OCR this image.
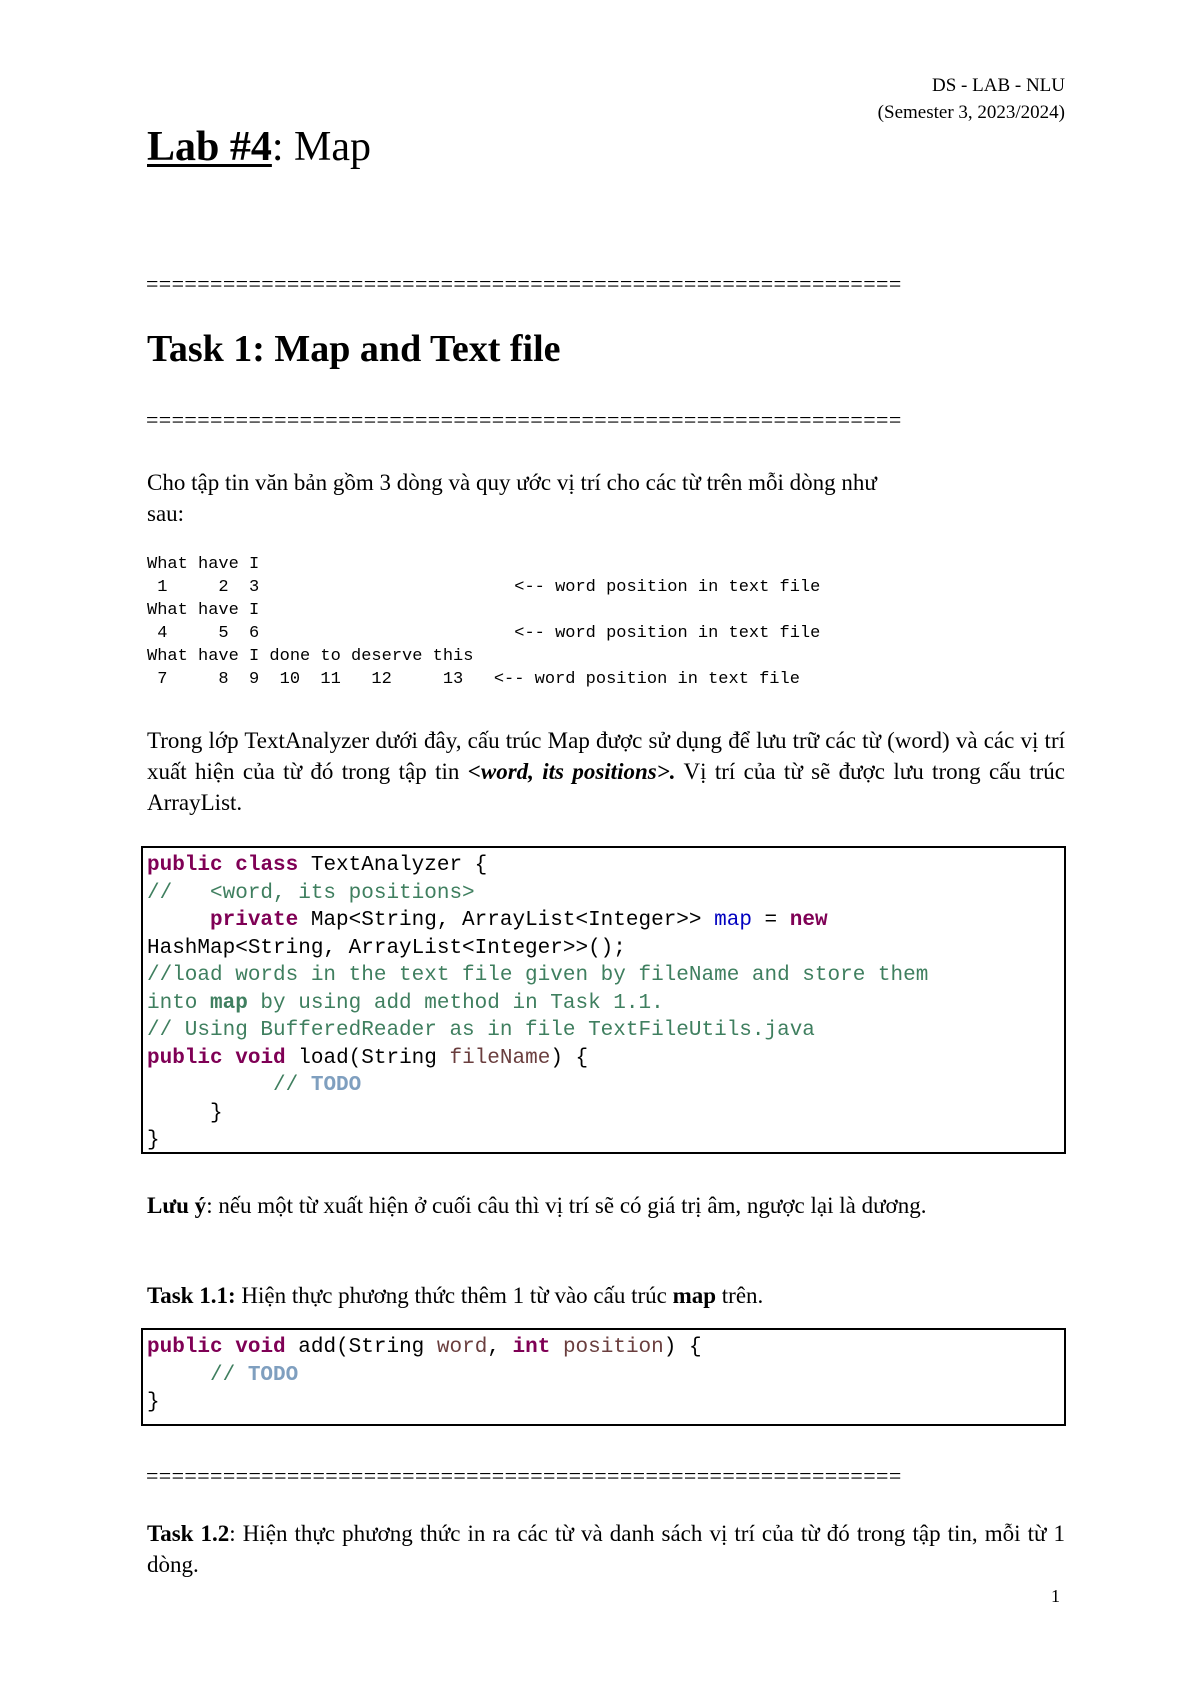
DS - LAB - NLU
(Semester 3, 2023/2024)
Lab #4: Map
===========================================================
Task 1: Map and Text file
===========================================================
Cho tập tin văn bản gồm 3 dòng và quy ước vị trí cho các từ trên mỗi dòng như
sau:
What have I
1     2  3                         <-- word position in text file
What have I
4     5  6                         <-- word position in text file
What have I done to deserve this
7     8  9  10  11   12     13   <-- word position in text file
Trong lớp TextAnalyzer dưới đây, cấu trúc Map được sử dụng để lưu trữ các từ (word) và các vị trí xuất hiện của từ đó trong tập tin <word, its positions>. Vị trí của từ sẽ được lưu trong cấu trúc ArrayList.
public class TextAnalyzer {
//   <word, its positions>
private Map<String, ArrayList<Integer>> map = new
HashMap<String, ArrayList<Integer>>();
//load words in the text file given by fileName and store them
into map by using add method in Task 1.1.
// Using BufferedReader as in file TextFileUtils.java
public void load(String fileName) {
// TODO
}
}
Lưu ý: nếu một từ xuất hiện ở cuối câu thì vị trí sẽ có giá trị âm, ngược lại là dương.
Task 1.1: Hiện thực phương thức thêm 1 từ vào cấu trúc map trên.
public void add(String word, int position) {
// TODO
}
===========================================================
Task 1.2: Hiện thực phương thức in ra các từ và danh sách vị trí của từ đó trong tập tin, mỗi từ 1 dòng.
1
